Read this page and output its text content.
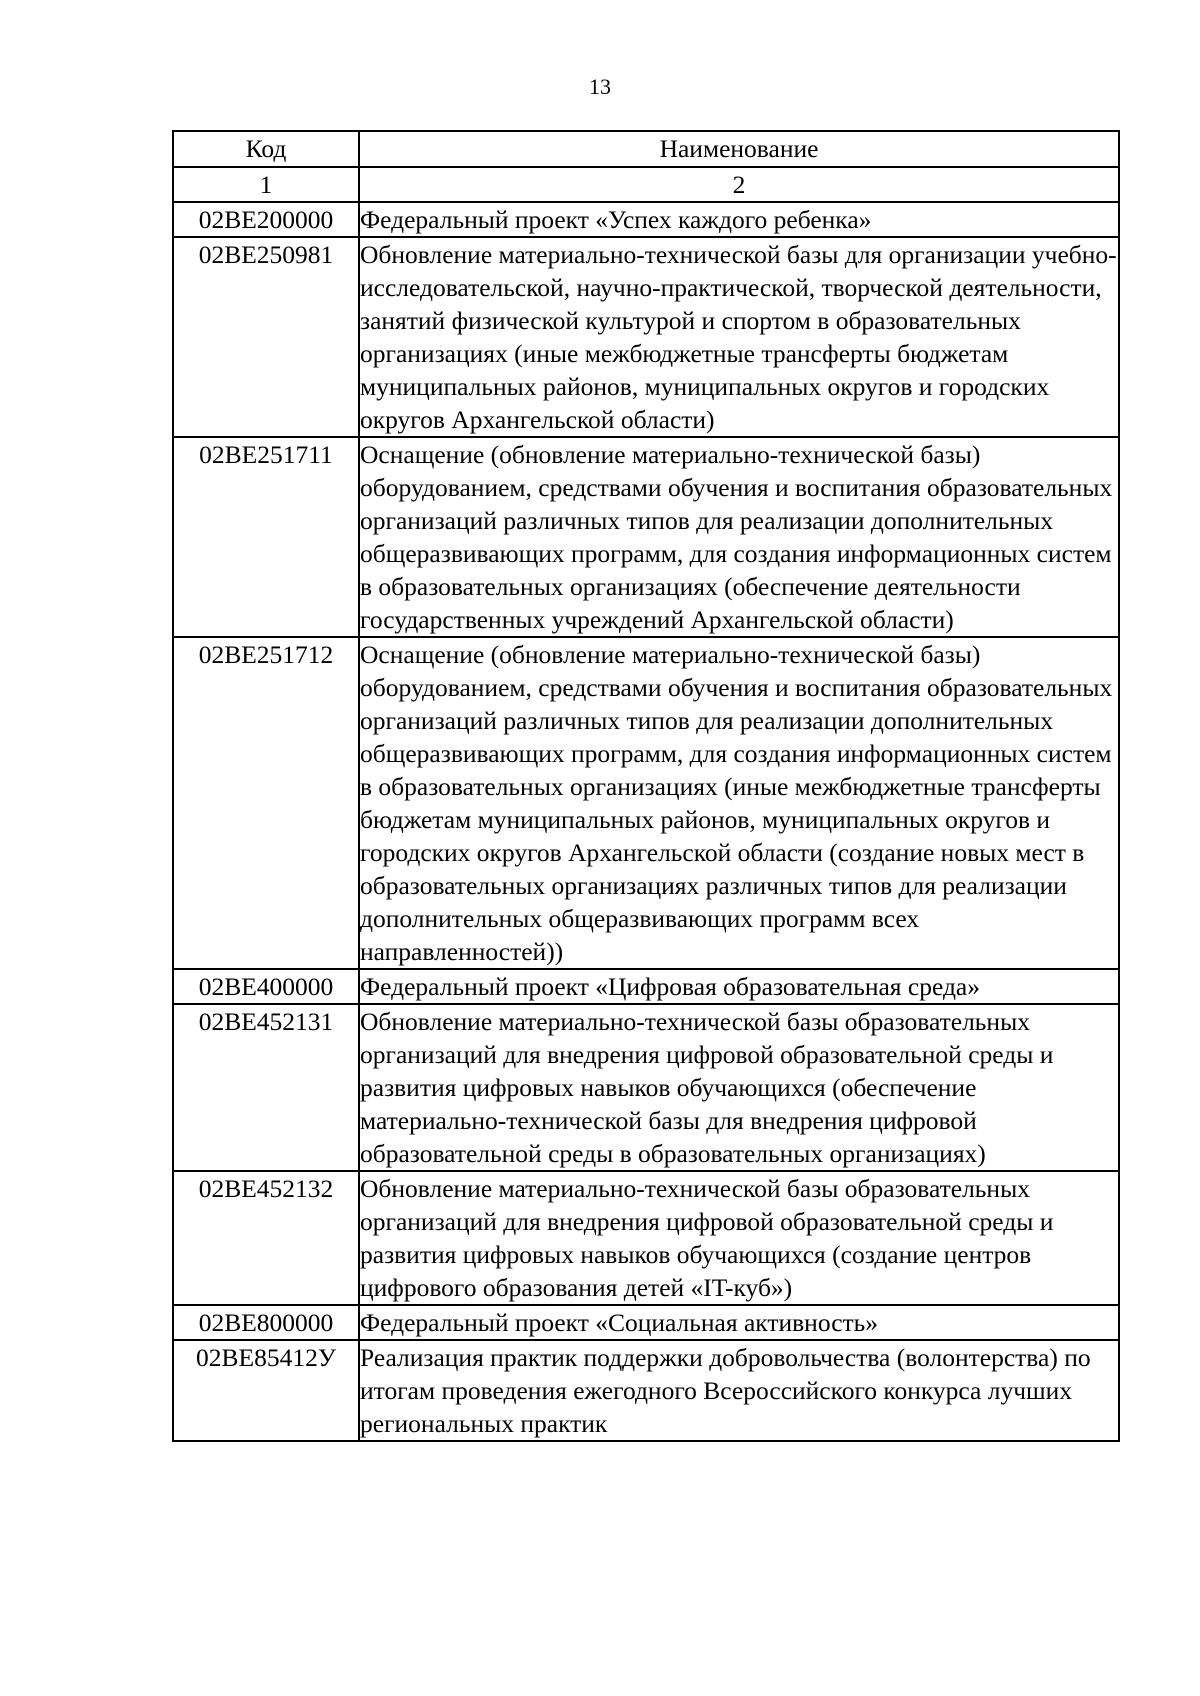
13
Код	Наименование
1	2
02BE200000	Федеральный проект «Успех каждого ребенка»
02BE250981	Обновление материально-технической базы для организации учебно-исследовательской, научно-практической, творческой деятельности, занятий физической культурой и спортом в образовательных организациях (иные межбюджетные трансферты бюджетам муниципальных районов, муниципальных округов и городских округов Архангельской области)
02BE251711	Оснащение (обновление материально-технической базы) оборудованием, средствами обучения и воспитания образовательных организаций различных типов для реализации дополнительных общеразвивающих программ, для создания информационных систем в образовательных организациях (обеспечение деятельности государственных учреждений Архангельской области)
02BE251712	Оснащение (обновление материально-технической базы) оборудованием, средствами обучения и воспитания образовательных организаций различных типов для реализации дополнительных общеразвивающих программ, для создания информационных систем в образовательных организациях (иные межбюджетные трансферты бюджетам муниципальных районов, муниципальных округов и городских округов Архангельской области (создание новых мест в образовательных организациях различных типов для реализации дополнительных общеразвивающих программ всех направленностей))
02BE400000	Федеральный проект «Цифровая образовательная среда»
02BE452131	Обновление материально-технической базы образовательных организаций для внедрения цифровой образовательной среды и развития цифровых навыков обучающихся (обеспечение материально-технической базы для внедрения цифровой образовательной среды в образовательных организациях)
02BE452132	Обновление материально-технической базы образовательных организаций для внедрения цифровой образовательной среды и развития цифровых навыков обучающихся (создание центров цифрового образования детей «IT-куб»)
02BE800000	Федеральный проект «Социальная активность»
02BE85412У	Реализация практик поддержки добровольчества (волонтерства) по итогам проведения ежегодного Всероссийского конкурса лучших региональных практик
